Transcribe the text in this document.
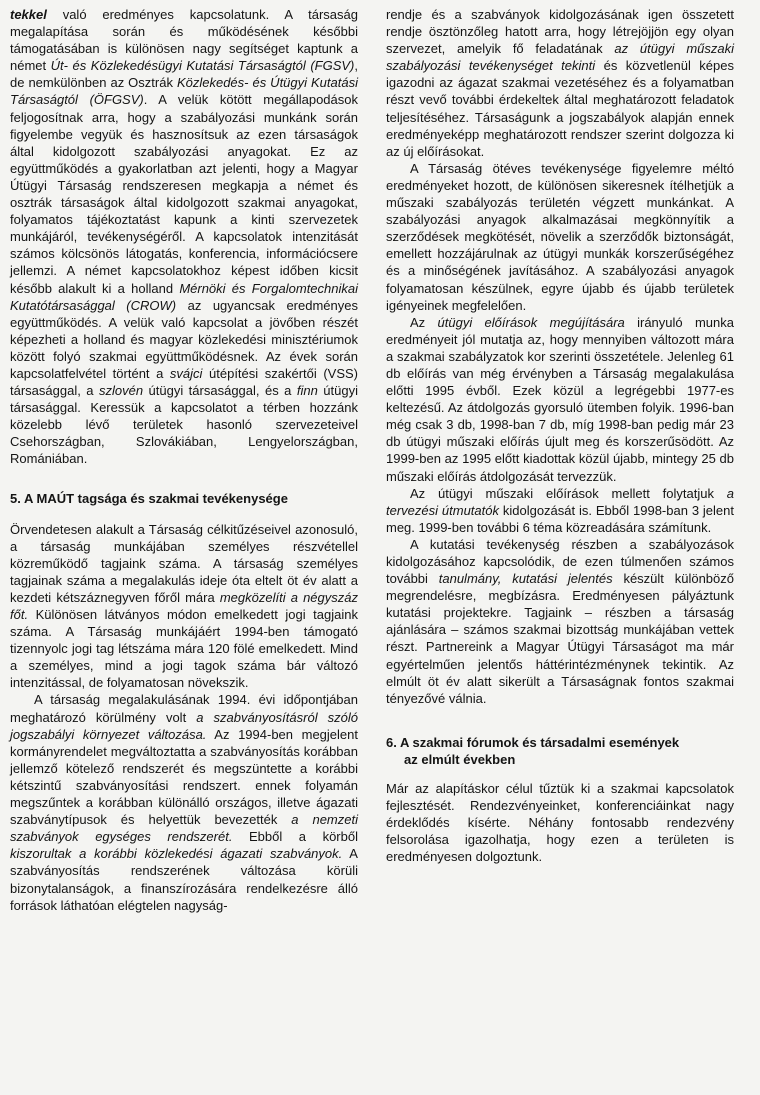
tekkel való eredményes kapcsolatunk. A társaság megalapítása során és működésének későbbi támogatásában is különösen nagy segítséget kaptunk a német Út- és Közlekedésügyi Kutatási Társaságtól (FGSV), de nemkülönben az Osztrák Közlekedés- és Útügyi Kutatási Társaságtól (ÖFGSV). A velük kötött megállapodások feljogosítnak arra, hogy a szabályozási munkánk során figyelembe vegyük és hasznosítsuk az ezen társaságok által kidolgozott szabályozási anyagokat. Ez az együttműködés a gyakorlatban azt jelenti, hogy a Magyar Útügyi Társaság rendszeresen megkapja a német és osztrák társaságok által kidolgozott szakmai anyagokat, folyamatos tájékoztatást kapunk a kinti szervezetek munkájáról, tevékenységéről. A kapcsolatok intenzitását számos kölcsönös látogatás, konferencia, információcsere jellemzi. A német kapcsolatokhoz képest időben kicsit később alakult ki a holland Mérnöki és Forgalomtechnikai Kutatótársasággal (CROW) az ugyancsak eredményes együttműködés. A velük való kapcsolat a jövőben részét képezheti a holland és magyar közlekedési minisztériumok között folyó szakmai együttműködésnek. Az évek során kapcsolatfelvétel történt a svájci útépítési szakértői (VSS) társasággal, a szlovén útügyi társasággal, és a finn útügyi társasággal. Keressük a kapcsolatot a térben hozzánk közelebb lévő területek hasonló szervezeteivel Csehországban, Szlovákiában, Lengyelországban, Romániában.

5. A MAÚT tagsága és szakmai tevékenysége

Örvendetesen alakult a Társaság célkitűzéseivel azonosuló, a társaság munkájában személyes részvétellel közreműködő tagjaink száma. A társaság személyes tagjainak száma a megalakulás ideje óta eltelt öt év alatt a kezdeti kétszáznegyven főről mára megközelíti a négyszáz főt. Különösen látványos módon emelkedett jogi tagjaink száma. A Társaság munkájáért 1994-ben támogató tizennyolc jogi tag létszáma mára 120 fölé emelkedett. Mind a személyes, mind a jogi tagok száma bár változó intenzitással, de folyamatosan növekszik.

A társaság megalakulásának 1994. évi időpontjában meghatározó körülmény volt a szabványosításról szóló jogszabályi környezet változása. Az 1994-ben megjelent kormányrendelet megváltoztatta a szabványosítás korábban jellemző kötelező rendszerét és megszüntette a korábbi kétszintű szabványosítási rendszert. ennek folyamán megszűntek a korábban különálló országos, illetve ágazati szabványtípusok és helyettük bevezették a nemzeti szabványok egységes rendszerét. Ebből a körből kiszorultak a korábbi közlekedési ágazati szabványok. A szabványosítás rendszerének változása körüli bizonytalanságok, a finanszírozására rendelkezésre álló források láthatóan elégtelen nagyság-

rendje és a szabványok kidolgozásának igen összetett rendje ösztönzőleg hatott arra, hogy létrejöjjön egy olyan szervezet, amelyik fő feladatának az útügyi műszaki szabályozási tevékenységet tekinti és közvetlenül képes igazodni az ágazat szakmai vezetéséhez és a folyamatban részt vevő további érdekeltek által meghatározott feladatok teljesítéséhez. Társaságunk a jogszabályok alapján ennek eredményeképp meghatározott rendszer szerint dolgozza ki az új előírásokat.

A Társaság ötéves tevékenysége figyelemre méltó eredményeket hozott, de különösen sikeresnek ítélhetjük a műszaki szabályozás területén végzett munkánkat. A szabályozási anyagok alkalmazásai megkönnyítik a szerződések megkötését, növelik a szerződők biztonságát, emellett hozzájárulnak az útügyi munkák korszerűségéhez és a minőségének javításához. A szabályozási anyagok folyamatosan készülnek, egyre újabb és újabb területek igényeinek megfelelően.

Az útügyi előírások megújítására irányuló munka eredményeit jól mutatja az, hogy mennyiben változott mára a szakmai szabályzatok kor szerinti összetétele. Jelenleg 61 db előírás van még érvényben a Társaság megalakulása előtti 1995 évből. Ezek közül a legrégebbi 1977-es keltezésű. Az átdolgozás gyorsuló ütemben folyik. 1996-ban még csak 3 db, 1998-ban 7 db, míg 1998-ban pedig már 23 db útügyi műszaki előírás újult meg és korszerűsödött. Az 1999-ben az 1995 előtt kiadottak közül újabb, mintegy 25 db műszaki előírás átdolgozását tervezzük.

Az útügyi műszaki előírások mellett folytatjuk a tervezési útmutatók kidolgozását is. Ebből 1998-ban 3 jelent meg. 1999-ben további 6 téma közreadására számítunk.

A kutatási tevékenység részben a szabályozások kidolgozásához kapcsolódik, de ezen túlmenően számos további tanulmány, kutatási jelentés készült különböző megrendelésre, megbízásra. Eredményesen pályáztunk kutatási projektekre. Tagjaink – részben a társaság ajánlására – számos szakmai bizottság munkájában vettek részt. Partnereink a Magyar Útügyi Társaságot ma már egyértelműen jelentős háttérintézménynek tekintik. Az elmúlt öt év alatt sikerült a Társaságnak fontos szakmai tényezővé válnia.

6. A szakmai fórumok és társadalmi események
az elmúlt években

Már az alapításkor célul tűztük ki a szakmai kapcsolatok fejlesztését. Rendezvényeinket, konferenciáinkat nagy érdeklődés kísérte. Néhány fontosabb rendezvény felsorolása igazolhatja, hogy ezen a területen is eredményesen dolgoztunk.
